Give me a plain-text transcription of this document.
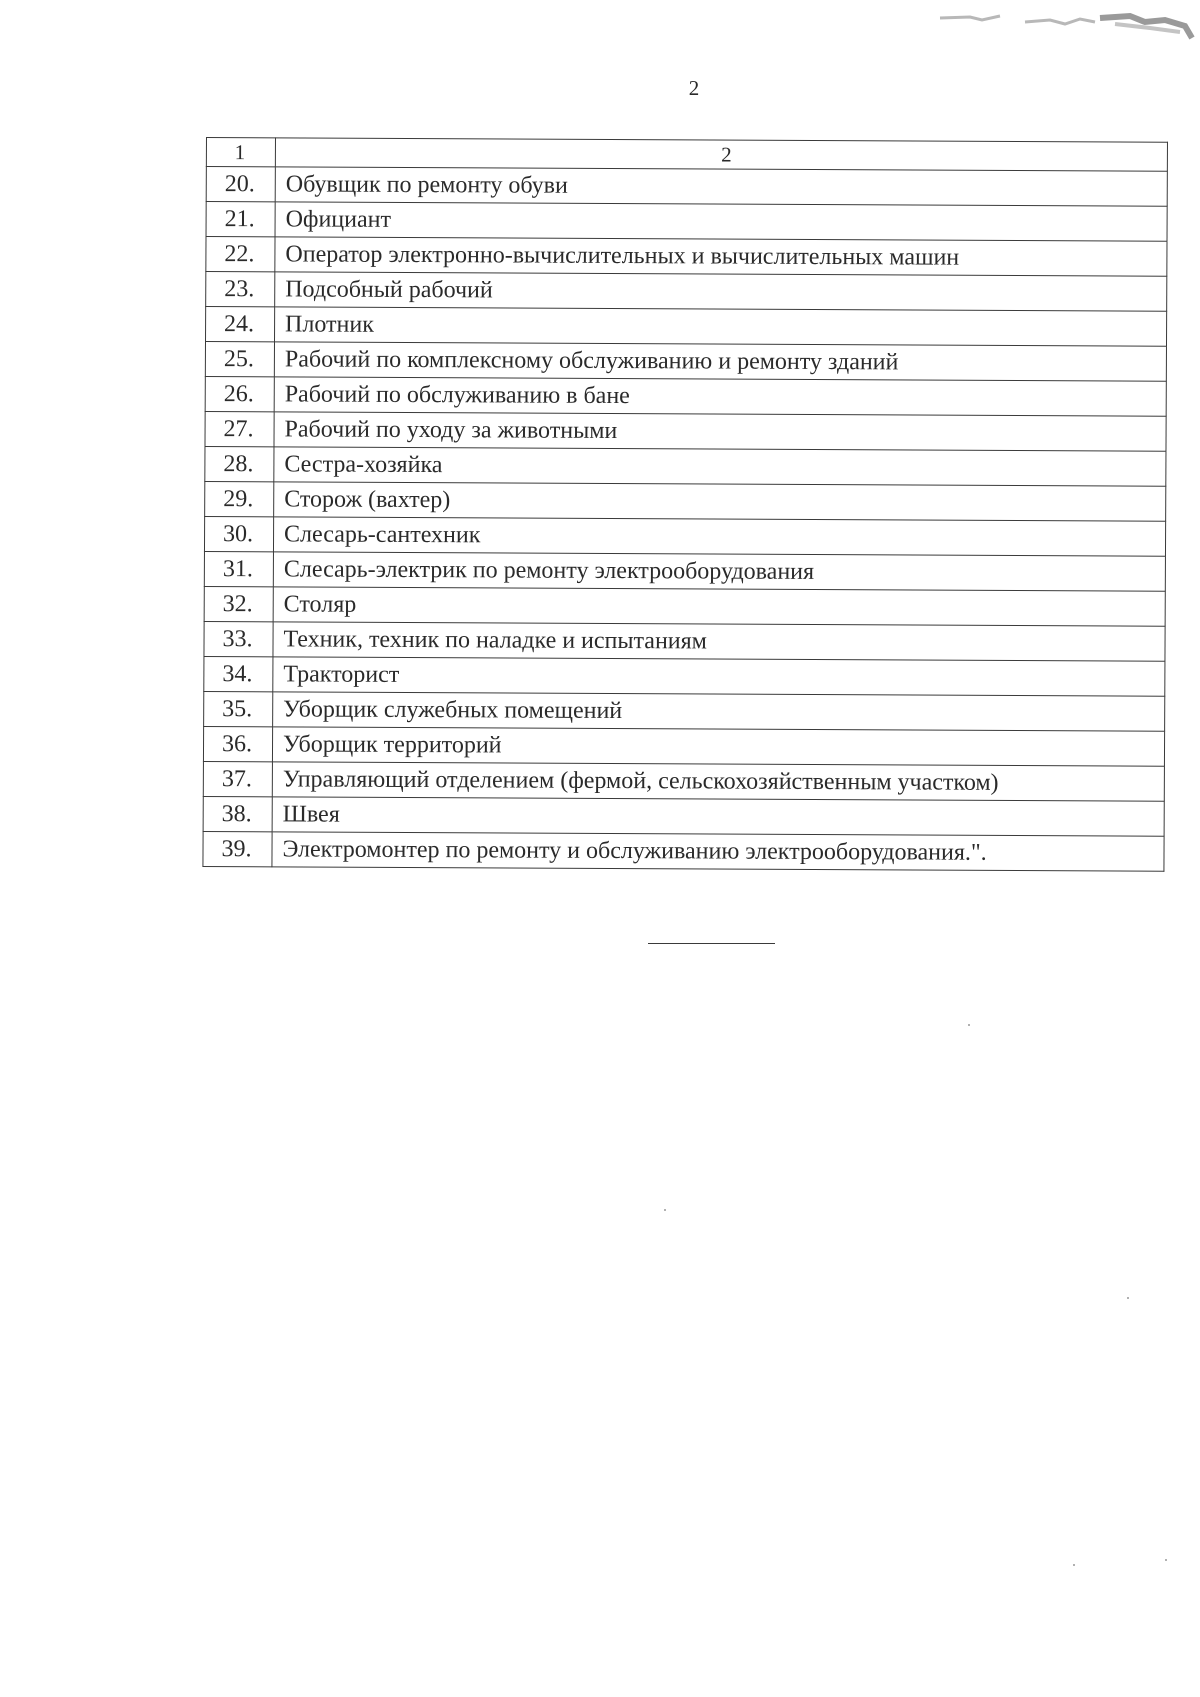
2
1	2
20.	Обувщик по ремонту обуви
21.	Официант
22.	Оператор электронно-вычислительных и вычислительных машин
23.	Подсобный рабочий
24.	Плотник
25.	Рабочий по комплексному обслуживанию и ремонту зданий
26.	Рабочий по обслуживанию в бане
27.	Рабочий по уходу за животными
28.	Сестра-хозяйка
29.	Сторож (вахтер)
30.	Слесарь-сантехник
31.	Слесарь-электрик по ремонту электрооборудования
32.	Столяр
33.	Техник, техник по наладке и испытаниям
34.	Тракторист
35.	Уборщик служебных помещений
36.	Уборщик территорий
37.	Управляющий отделением (фермой, сельскохозяйственным участком)
38.	Швея
39.	Электромонтер по ремонту и обслуживанию электрооборудования.".
